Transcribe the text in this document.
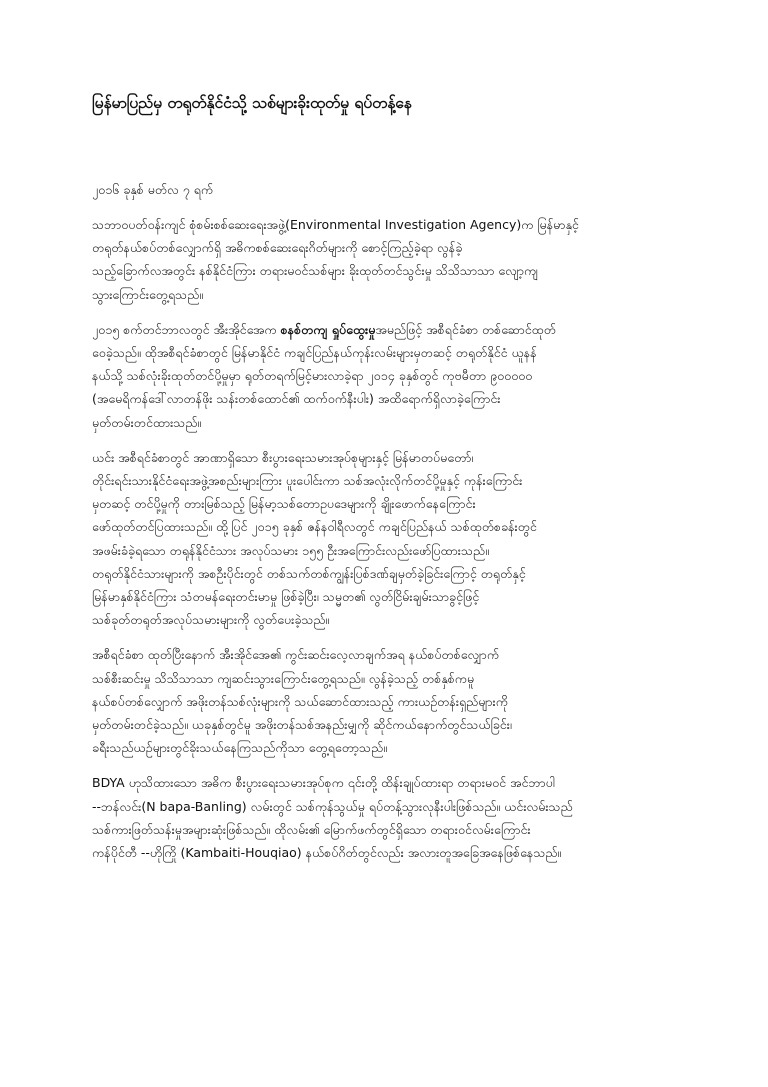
မြန်မာပြည်မှ တရုတ်နိုင်ငံသို့ သစ်များခိုးထုတ်မှု ရပ်တန့်နေ
၂၀၁၆ ခုနှစ် မတ်လ ၇ ရက်
သဘာဝပတ်ဝန်းကျင် စုံစမ်းစစ်ဆေးရေးအဖွဲ့(Environmental Investigation Agency)က မြန်မာနှင့်
တရုတ်နယ်စပ်တစ်လျှောက်ရှိ အဓိကစစ်ဆေးရေးဂိတ်များကို စောင့်ကြည့်ခဲ့ရာ လွန်ခဲ့
သည့်ခြောက်လအတွင်း နစ်နိုင်ငံကြား တရားမဝင်သစ်များ ခိုးထုတ်တင်သွင်းမှု သိသိသာသာ လျော့ကျ
သွားကြောင်းတွေ့ရသည်။
၂၀၁၅ စက်တင်ဘာလတွင် အီးအိုင်အေက စနစ်တကျ ရှုပ်ထွေးမှုအမည်ဖြင့် အစီရင်ခံစာ တစ်ဆောင်ထုတ်
ဝေခဲ့သည်။ ထိုအစီရင်ခံစာတွင် မြန်မာနိုင်ငံ ကချင်ပြည်နယ်ကုန်းလမ်းများမှတဆင့် တရုတ်နိုင်ငံ ယူနန်
နယ်သို့ သစ်လုံးခိုးထုတ်တင်ပို့မှုမှာ ရုတ်တရက်မြင့်မားလာခဲ့ရာ ၂၀၁၄ ခုနှစ်တွင် ကုဗမီတာ ၉၀၀၀၀၀
(အမေရိကန်ဒေါ်လာတန်ဖိုး သန်းတစ်ထောင်၏ ထက်ဝက်နီးပါး) အထိရောက်ရှိလာခဲ့ကြောင်း
မှတ်တမ်းတင်ထားသည်။
ယင်း အစီရင်ခံစာတွင် အာဏာရှိသော စီးပွားရေးသမားအုပ်စုများနှင့် မြန်မာတပ်မတော်၊
တိုင်းရင်းသားနိုင်ငံရေးအဖွဲ့အစည်းများကြား ပူးပေါင်းကာ သစ်အလုံးလိုက်တင်ပို့မှုနှင့် ကုန်းကြောင်း
မှတဆင့် တင်ပို့မှုကို တားမြစ်သည့် မြန်မာ့သစ်တောဥပဒေများကို ချိုးဖောက်နေကြောင်း
ဖော်ထုတ်တင်ပြထားသည်။ ထို့ပြင် ၂၀၁၅ ခုနှစ် ဇန်နဝါရီလတွင် ကချင်ပြည်နယ် သစ်ထုတ်စခန်းတွင်
အဖမ်းခံခဲ့ရသော တရုန်နိုင်ငံသား အလုပ်သမား ၁၅၅ ဦးအကြောင်းလည်းဖော်ပြထားသည်။
တရုတ်နိုင်ငံသားများကို အစဦးပိုင်းတွင် တစ်သက်တစ်ကျွန်းပြစ်ဒဏ်ချမှတ်ခဲ့ခြင်းကြောင့် တရုတ်နှင့်
မြန်မာနှစ်နိုင်ငံကြား သံတမန်ရေးတင်းမာမှု ဖြစ်ခဲ့ပြီး၊ သမ္မတ၏ လွတ်ငြိမ်းချမ်းသာခွင့်ဖြင့်
သစ်ခုတ်တရုတ်အလုပ်သမားများကို လွတ်ပေးခဲ့သည်။
အစီရင်ခံစာ ထုတ်ပြီးနောက် အီးအိုင်အေ၏ ကွင်းဆင်းလေ့လာချက်အရ နယ်စပ်တစ်လျှောက်
သစ်စီးဆင်းမှု သိသိသာသာ ကျဆင်းသွားကြောင်းတွေ့ရသည်။ လွန်ခဲ့သည့် တစ်နှစ်ကမူ
နယ်စပ်တစ်လျှောက် အဖိုးတန်သစ်လုံးများကို သယ်ဆောင်ထားသည့် ကားယဉ်တန်းရှည်များကို
မှတ်တမ်းတင်ခဲ့သည်။ ယခုနှစ်တွင်မူ အဖိုးတန်သစ်အနည်းမျှကို ဆိုင်ကယ်နောက်တွင်သယ်ခြင်း၊
ခရီးသည်ယဉ်များတွင်ခိုးသယ်နေကြသည်ကိုသာ တွေ့ရတော့သည်။
BDYA ဟုသိထားသော အဓိက စီးပွားရေးသမားအုပ်စုက ၎င်းတို့ ထိန်းချုပ်ထားရာ တရားမဝင် အင်ဘာပါ
--ဘန်လင်း(N bapa-Banling) လမ်းတွင် သစ်ကုန်သွယ်မှု ရပ်တန့်သွားလုနီးပါးဖြစ်သည်။ ယင်းလမ်းသည်
သစ်ကားဖြတ်သန်းမှုအများဆုံးဖြစ်သည်။ ထိုလမ်း၏ မြောက်ဖက်တွင်ရှိသော တရားဝင်လမ်းကြောင်း
ကန်ပိုင်တီ --ဟိုကြို (Kambaiti-Houqiao) နယ်စပ်ဂိတ်တွင်လည်း အလားတူအခြေအနေဖြစ်နေသည်။
